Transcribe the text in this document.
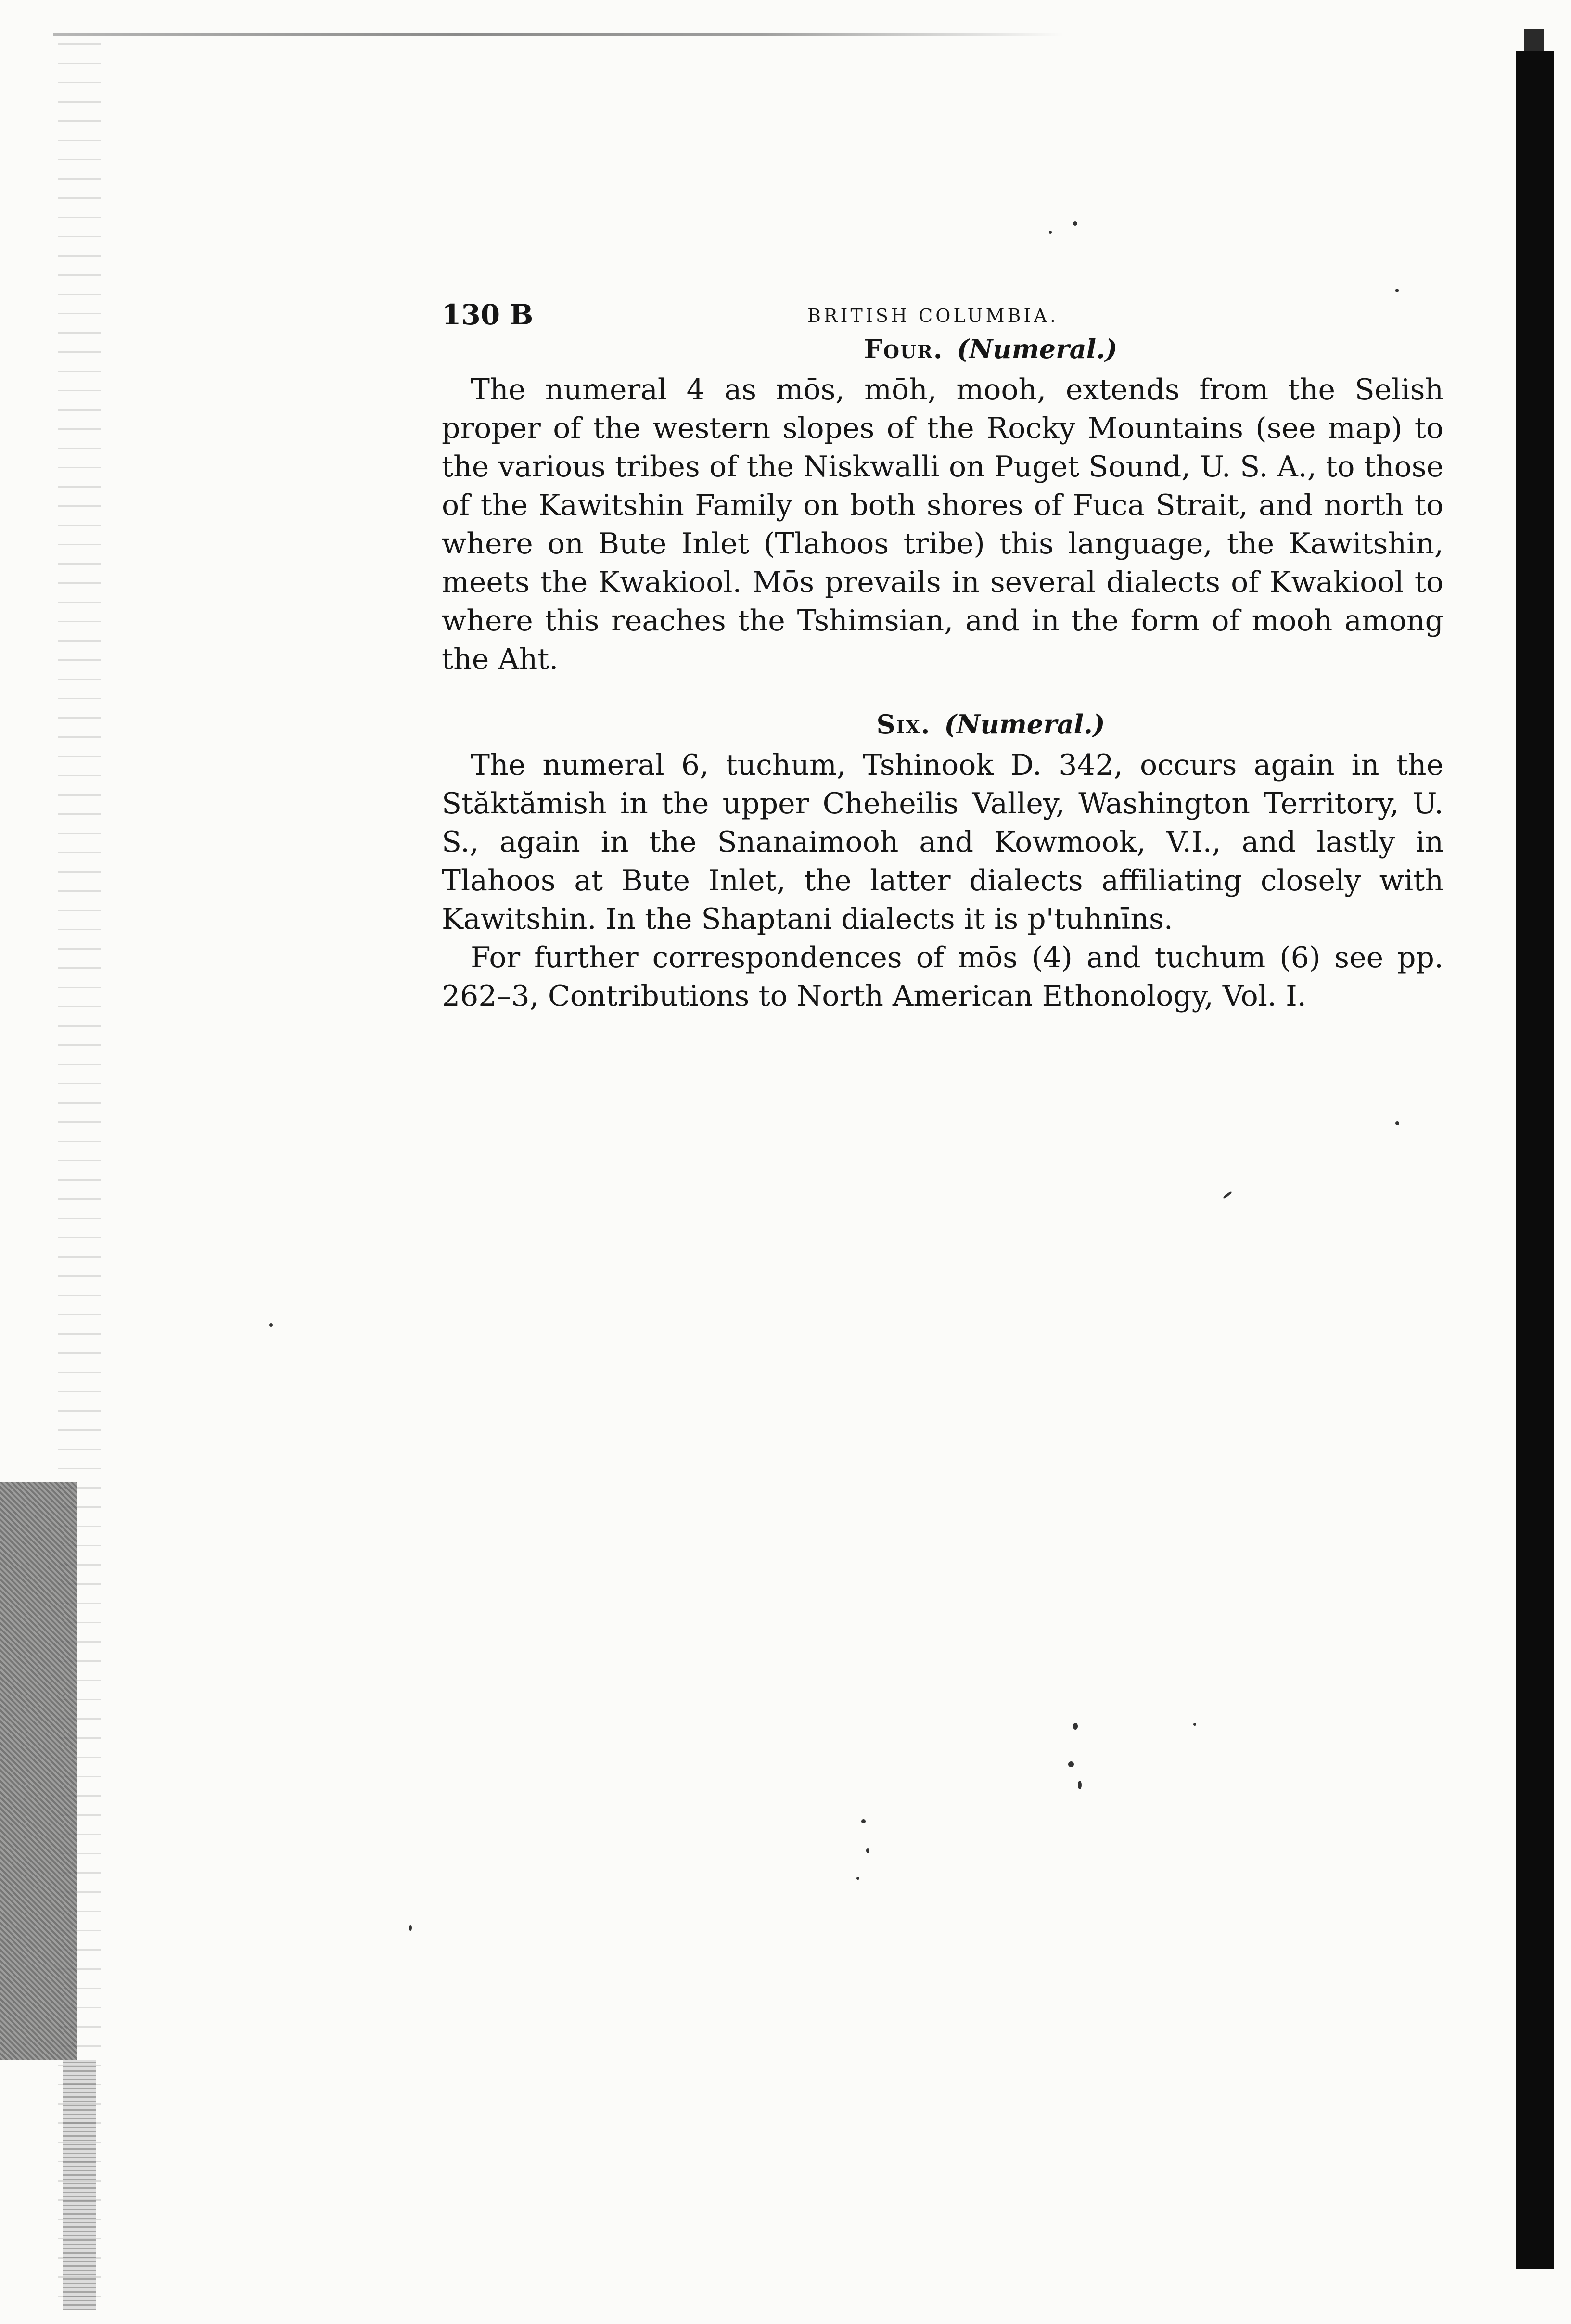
130 B	BRITISH COLUMBIA.
Four. (Numeral.)

The numeral 4 as mōs, mōh, mooh, extends from the Selish proper of the western slopes of the Rocky Mountains (see map) to the various tribes of the Niskwalli on Puget Sound, U. S. A., to those of the Kawitshin Family on both shores of Fuca Strait, and north to where on Bute Inlet (Tlahoos tribe) this language, the Kawitshin, meets the Kwakiool. Mōs prevails in several dialects of Kwakiool to where this reaches the Tshimsian, and in the form of mooh among the Aht.

Six. (Numeral.)

The numeral 6, tuchum, Tshinook D. 342, occurs again in the Stăktămish in the upper Cheheilis Valley, Washington Territory, U. S., again in the Snanaimooh and Kowmook, V.I., and lastly in Tlahoos at Bute Inlet, the latter dialects affiliating closely with Kawitshin. In the Shaptani dialects it is p'tuhnīns.

For further correspondences of mōs (4) and tuchum (6) see pp. 262–3, Contributions to North American Ethonology, Vol. I.
